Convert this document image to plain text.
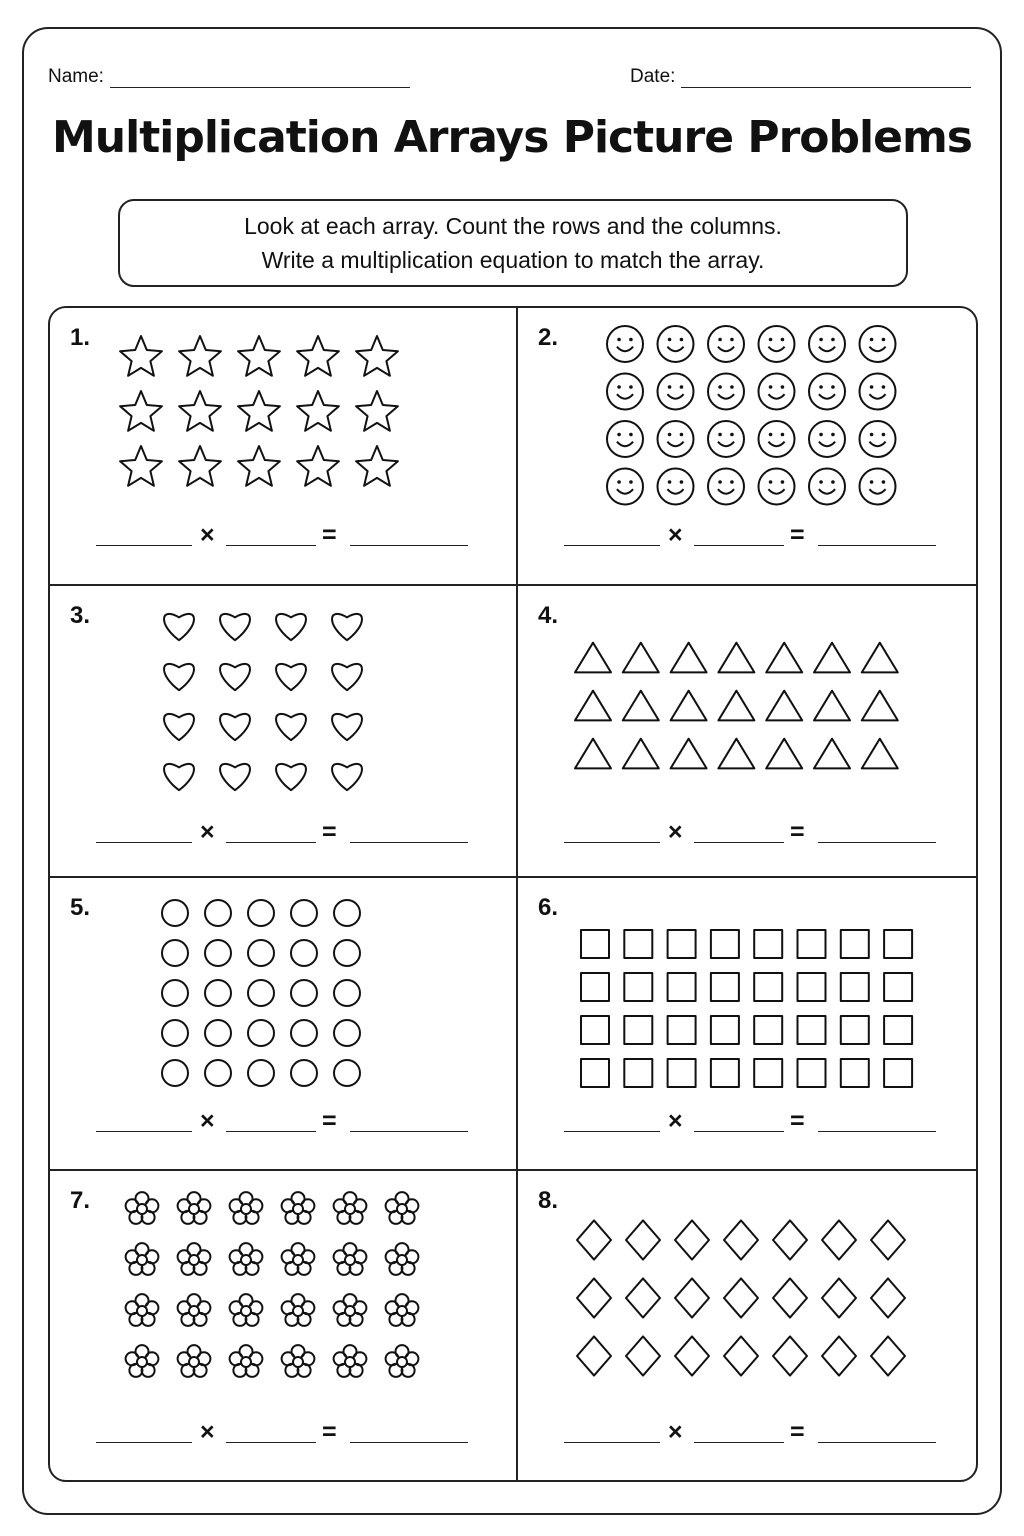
Name:	Date:
Multiplication Arrays Picture Problems
Look at each array. Count the rows and the columns.
Write a multiplication equation to match the array.
1.
×	=
2.
×	=
3.
×	=
4.
×	=
5.
×	=
6.
×	=
7.
×	=
8.
×	=
